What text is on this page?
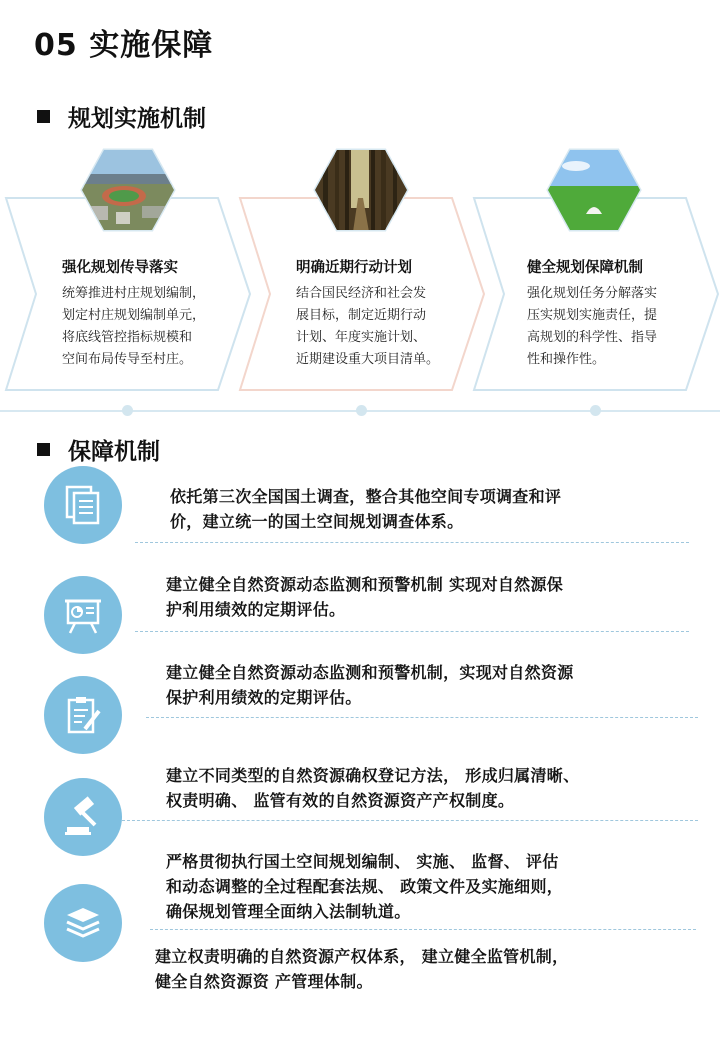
05 实施保障
规划实施机制
强化规划传导落实
统筹推进村庄规划编制，
划定村庄规划编制单元，
将底线管控指标规模和
空间布局传导至村庄。
明确近期行动计划
结合国民经济和社会发
展目标，制定近期行动
计划、年度实施计划、
近期建设重大项目清单。
健全规划保障机制
强化规划任务分解落实
压实规划实施责任，提
高规划的科学性、指导
性和操作性。
保障机制
依托第三次全国国土调查，整合其他空间专项调查和评
价，建立统一的国土空间规划调查体系。
建立健全自然资源动态监测和预警机制 实现对自然源保
护利用绩效的定期评估。
建立健全自然资源动态监测和预警机制，实现对自然资源
保护利用绩效的定期评估。
建立不同类型的自然资源确权登记方法， 形成归属清晰、
权责明确、 监管有效的自然资源资产产权制度。
严格贯彻执行国土空间规划编制、 实施、 监督、 评估
和动态调整的全过程配套法规、 政策文件及实施细则，
确保规划管理全面纳入法制轨道。
建立权责明确的自然资源产权体系， 建立健全监管机制，
健全自然资源资 产管理体制。
